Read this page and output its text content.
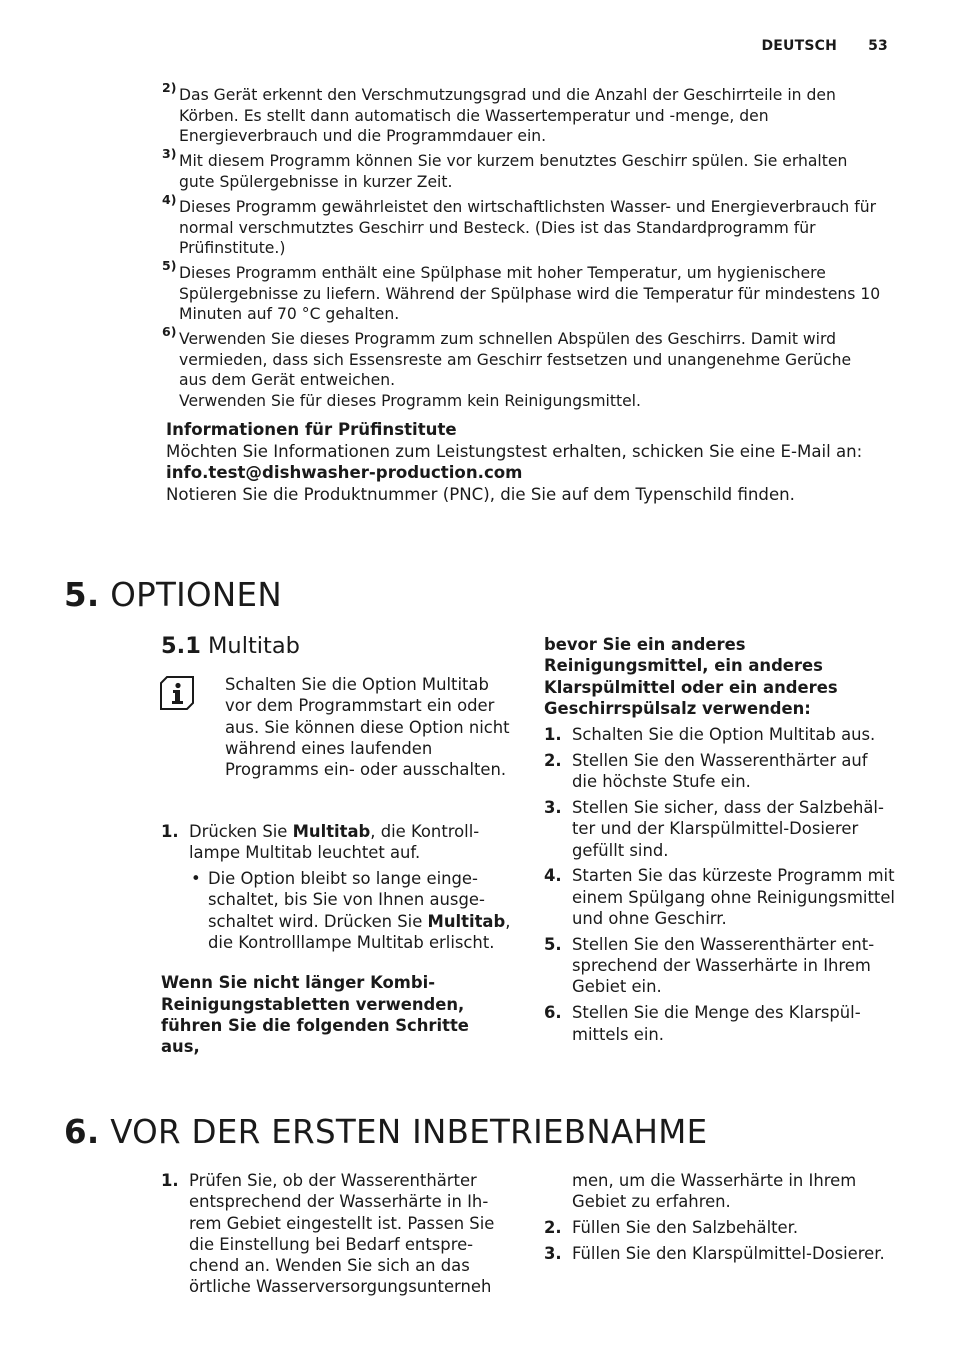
DEUTSCH 53
2) Das Gerät erkennt den Verschmutzungsgrad und die Anzahl der Geschirrteile in den Körben. Es stellt dann automatisch die Wassertemperatur und -menge, den Energieverbrauch und die Programmdauer ein.
3) Mit diesem Programm können Sie vor kurzem benutztes Geschirr spülen. Sie erhalten gute Spülergebnisse in kurzer Zeit.
4) Dieses Programm gewährleistet den wirtschaftlichsten Wasser- und Energieverbrauch für normal verschmutztes Geschirr und Besteck. (Dies ist das Standardprogramm für Prüfinstitute.)
5) Dieses Programm enthält eine Spülphase mit hoher Temperatur, um hygienischere Spülergebnisse zu liefern. Während der Spülphase wird die Temperatur für mindestens 10 Minuten auf 70 °C gehalten.
6) Verwenden Sie dieses Programm zum schnellen Abspülen des Geschirrs. Damit wird vermieden, dass sich Essensreste am Geschirr festsetzen und unangenehme Gerüche aus dem Gerät entweichen.
Verwenden Sie für dieses Programm kein Reinigungsmittel.
Informationen für Prüfinstitute
Möchten Sie Informationen zum Leistungstest erhalten, schicken Sie eine E-Mail an:
info.test@dishwasher-production.com
Notieren Sie die Produktnummer (PNC), die Sie auf dem Typenschild finden.
5. OPTIONEN
5.1 Multitab
Schalten Sie die Option Multitab vor dem Programmstart ein oder aus. Sie können diese Option nicht während eines laufenden Programms ein- oder ausschalten.
1. Drücken Sie Multitab, die Kontrolllampe Multitab leuchtet auf.
• Die Option bleibt so lange eingeschaltet, bis Sie von Ihnen ausgeschaltet wird. Drücken Sie Multitab, die Kontrolllampe Multitab erlischt.
Wenn Sie nicht länger Kombi-Reinigungstabletten verwenden, führen Sie die folgenden Schritte aus,
bevor Sie ein anderes Reinigungsmittel, ein anderes Klarspülmittel oder ein anderes Geschirrspülsalz verwenden:
1. Schalten Sie die Option Multitab aus.
2. Stellen Sie den Wasserenthärter auf die höchste Stufe ein.
3. Stellen Sie sicher, dass der Salzbehälter und der Klarspülmittel-Dosierer gefüllt sind.
4. Starten Sie das kürzeste Programm mit einem Spülgang ohne Reinigungsmittel und ohne Geschirr.
5. Stellen Sie den Wasserenthärter entsprechend der Wasserhärte in Ihrem Gebiet ein.
6. Stellen Sie die Menge des Klarspülmittels ein.
6. VOR DER ERSTEN INBETRIEBNAHME
1. Prüfen Sie, ob der Wasserenthärter entsprechend der Wasserhärte in Ihrem Gebiet eingestellt ist. Passen Sie die Einstellung bei Bedarf entsprechend an. Wenden Sie sich an das örtliche Wasserversorgungsunterneh
men, um die Wasserhärte in Ihrem Gebiet zu erfahren.
2. Füllen Sie den Salzbehälter.
3. Füllen Sie den Klarspülmittel-Dosierer.
